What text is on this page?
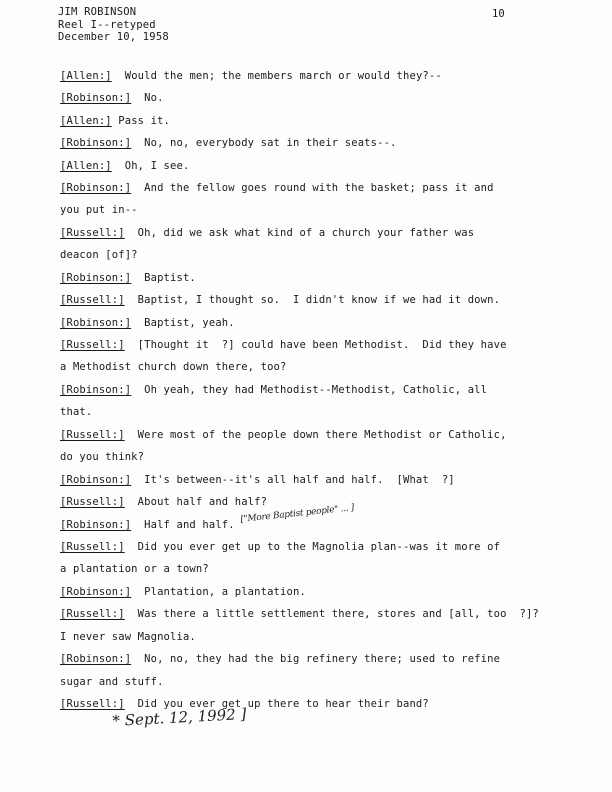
JIM ROBINSON
Reel I--retyped
December 10, 1958
10
[Allen:]  Would the men; the members march or would they?--
[Robinson:]  No.
[Allen:] Pass it.
[Robinson:]  No, no, everybody sat in their seats--.
[Allen:]  Oh, I see.
[Robinson:]  And the fellow goes round with the basket; pass it and
you put in--
[Russell:]  Oh, did we ask what kind of a church your father was
deacon [of]?
[Robinson:]  Baptist.
[Russell:]  Baptist, I thought so.  I didn't know if we had it down.
[Robinson:]  Baptist, yeah.
[Russell:]  [Thought it  ?] could have been Methodist.  Did they have
a Methodist church down there, too?
[Robinson:]  Oh yeah, they had Methodist--Methodist, Catholic, all
that.
[Russell:]  Were most of the people down there Methodist or Catholic,
do you think?
[Robinson:]  It's between--it's all half and half.  [What  ?]
[Russell:]  About half and half?
[Robinson:]  Half and half.
[Russell:]  Did you ever get up to the Magnolia plan--was it more of
a plantation or a town?
[Robinson:]  Plantation, a plantation.
[Russell:]  Was there a little settlement there, stores and [all, too  ?]?
I never saw Magnolia.
[Robinson:]  No, no, they had the big refinery there; used to refine
sugar and stuff.
[Russell:]  Did you ever get up there to hear their band?
["More Baptist people" ... ]
* Sept. 12, 1992 ]
